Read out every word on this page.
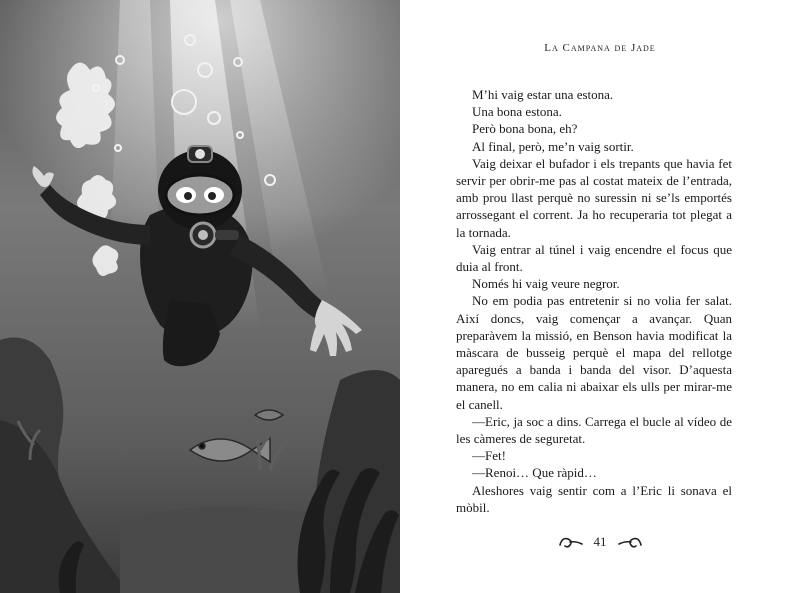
La Campana de Jade

M’hi vaig estar una estona.

Una bona estona.

Però bona bona, eh?

Al final, però, me’n vaig sortir.

Vaig deixar el bufador i els trepants que havia fet servir per obrir-me pas al costat mateix de l’entrada, amb prou llast perquè no suressin ni se’ls emportés arrossegant el corrent. Ja ho recuperaria tot plegat a la tornada.

Vaig entrar al túnel i vaig encendre el focus que duia al front.

Només hi vaig veure negror.

No em podia pas entretenir si no volia fer salat. Així doncs, vaig començar a avançar. Quan preparàvem la missió, en Benson havia modificat la màscara de busseig perquè el mapa del rellotge aparegués a banda i banda del visor. D’aquesta manera, no em calia ni abaixar els ulls per mirar-me el canell.

—Eric, ja soc a dins. Carrega el bucle al vídeo de les càmeres de seguretat.

—Fet!

—Renoi… Que ràpid…

Aleshores vaig sentir com a l’Eric li sonava el mòbil.

41
